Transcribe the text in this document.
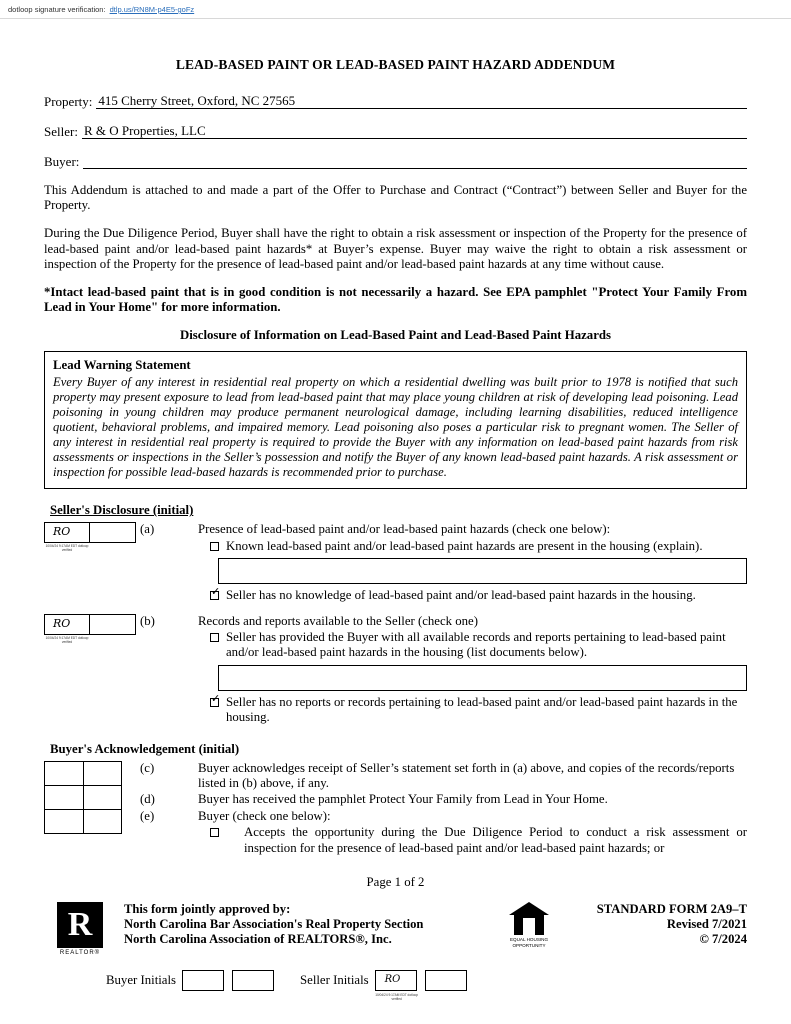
dotloop signature verification: dtlp.us/RN8M-p4E5-goFz
LEAD-BASED PAINT OR LEAD-BASED PAINT HAZARD ADDENDUM
Property: 415 Cherry Street, Oxford, NC 27565
Seller: R & O Properties, LLC
Buyer:

This Addendum is attached to and made a part of the Offer to Purchase and Contract (“Contract”) between Seller and Buyer for the Property.

During the Due Diligence Period, Buyer shall have the right to obtain a risk assessment or inspection of the Property for the presence of lead-based paint and/or lead-based paint hazards* at Buyer’s expense. Buyer may waive the right to obtain a risk assessment or inspection of the Property for the presence of lead-based paint and/or lead-based paint hazards at any time without cause.

*Intact lead-based paint that is in good condition is not necessarily a hazard. See EPA pamphlet "Protect Your Family From Lead in Your Home" for more information.

Disclosure of Information on Lead-Based Paint and Lead-Based Paint Hazards
Lead Warning Statement
Every Buyer of any interest in residential real property on which a residential dwelling was built prior to 1978 is notified that such property may present exposure to lead from lead-based paint that may place young children at risk of developing lead poisoning. Lead poisoning in young children may produce permanent neurological damage, including learning disabilities, reduced intelligence quotient, behavioral problems, and impaired memory. Lead poisoning also poses a particular risk to pregnant women. The Seller of any interest in residential real property is required to provide the Buyer with any information on lead-based paint hazards from risk assessments or inspections in the Seller’s possession and notify the Buyer of any known lead-based paint hazards. A risk assessment or inspection for possible lead-based hazards is recommended prior to purchase.
Seller's Disclosure (initial)
RO
10/04/24 9:17AM EDT dotloop verified
(a)	Presence of lead-based paint and/or lead-based paint hazards (check one below):
Known lead-based paint and/or lead-based paint hazards are present in the housing (explain).
✓
Seller has no knowledge of lead-based paint and/or lead-based paint hazards in the housing.
RO
10/04/24 9:17AM EDT dotloop verified
(b)	Records and reports available to the Seller (check one)
Seller has provided the Buyer with all available records and reports pertaining to lead-based paint and/or lead-based paint hazards in the housing (list documents below).
✓
Seller has no reports or records pertaining to lead-based paint and/or lead-based paint hazards in the housing.
Buyer's Acknowledgement (initial)
(c)	Buyer acknowledges receipt of Seller’s statement set forth in (a) above, and copies of the records/reports listed in (b) above, if any.
(d)	Buyer has received the pamphlet Protect Your Family from Lead in Your Home.
(e)	Buyer (check one below):
Accepts the opportunity during the Due Diligence Period to conduct a risk assessment or inspection for the presence of lead-based paint and/or lead-based paint hazards; or
Page 1 of 2
R
REALTOR®
This form jointly approved by:
North Carolina Bar Association's Real Property Section
North Carolina Association of REALTORS®, Inc.	EQUAL HOUSING OPPORTUNITY
STANDARD FORM 2A9–T
Revised 7/2021
© 7/2024
Buyer Initials	Seller Initials RO
10/04/24 9:17AM EDT dotloop verified
